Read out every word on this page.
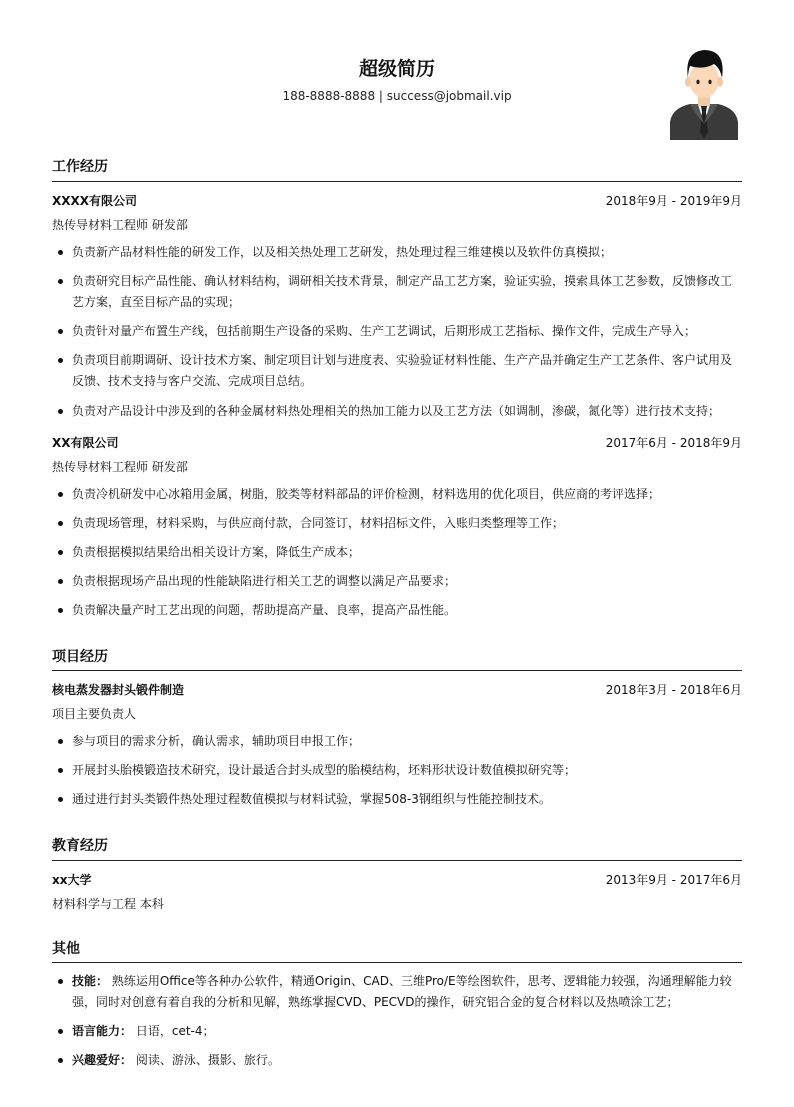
超级简历
188-8888-8888 | success@jobmail.vip
工作经历
XXXX有限公司	2018年9月 - 2019年9月
热传导材料工程师 研发部
负责新产品材料性能的研发工作，以及相关热处理工艺研发，热处理过程三维建模以及软件仿真模拟；
负责研究目标产品性能、确认材料结构，调研相关技术背景，制定产品工艺方案，验证实验，摸索具体工艺参数，反馈修改工艺方案，直至目标产品的实现；
负责针对量产布置生产线，包括前期生产设备的采购、生产工艺调试，后期形成工艺指标、操作文件，完成生产导入；
负责项目前期调研、设计技术方案、制定项目计划与进度表、实验验证材料性能、生产产品并确定生产工艺条件、客户试用及反馈、技术支持与客户交流、完成项目总结。
负责对产品设计中涉及到的各种金属材料热处理相关的热加工能力以及工艺方法（如调制，渗碳，氮化等）进行技术支持；
XX有限公司	2017年6月 - 2018年9月
热传导材料工程师 研发部
负责冷机研发中心冰箱用金属，树脂，胶类等材料部品的评价检测，材料选用的优化项目，供应商的考评选择；
负责现场管理，材料采购，与供应商付款，合同签订，材料招标文件，入账归类整理等工作；
负责根据模拟结果给出相关设计方案，降低生产成本；
负责根据现场产品出现的性能缺陷进行相关工艺的调整以满足产品要求；
负责解决量产时工艺出现的问题，帮助提高产量、良率，提高产品性能。
项目经历
核电蒸发器封头锻件制造	2018年3月 - 2018年6月
项目主要负责人
参与项目的需求分析，确认需求，辅助项目申报工作；
开展封头胎模锻造技术研究，设计最适合封头成型的胎模结构，坯料形状设计数值模拟研究等；
通过进行封头类锻件热处理过程数值模拟与材料试验，掌握508-3钢组织与性能控制技术。
教育经历
xx大学	2013年9月 - 2017年6月
材料科学与工程 本科
其他
技能： 熟练运用Office等各种办公软件，精通Origin、CAD、三维Pro/E等绘图软件，思考、逻辑能力较强，沟通理解能力较强，同时对创意有着自我的分析和见解，熟练掌握CVD、PECVD的操作，研究铝合金的复合材料以及热喷涂工艺；
语言能力： 日语，cet-4；
兴趣爱好： 阅读、游泳、摄影、旅行。
